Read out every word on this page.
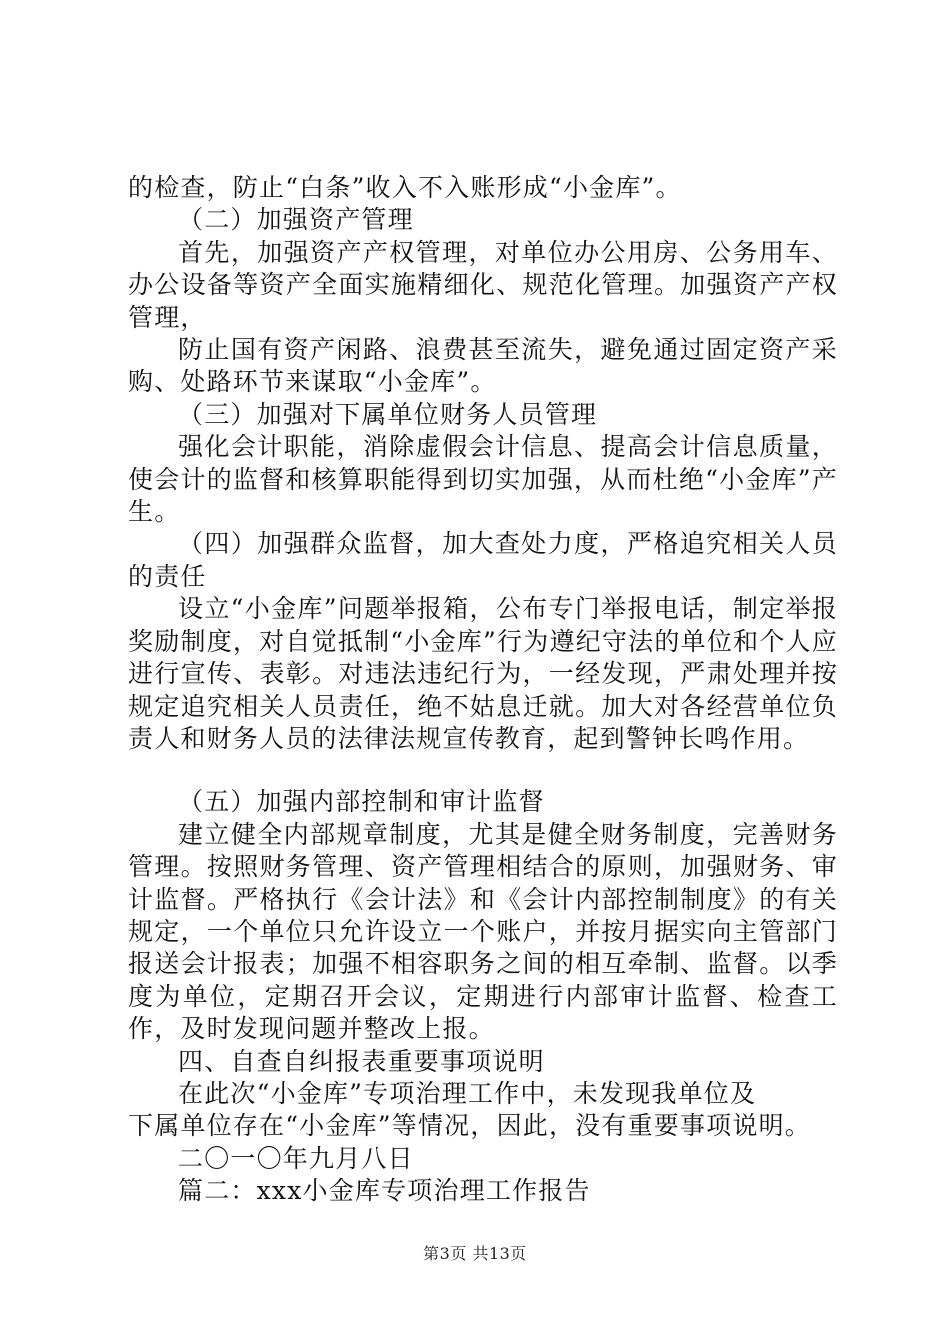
的检查，防止“白条”收入不入账形成“小金库”。

（二）加强资产管理

首先，加强资产产权管理，对单位办公用房、公务用车、办公设备等资产全面实施精细化、规范化管理。加强资产产权管理，

防止国有资产闲路、浪费甚至流失，避免通过固定资产采购、处路环节来谋取“小金库”。

（三）加强对下属单位财务人员管理

强化会计职能，消除虚假会计信息、提高会计信息质量，使会计的监督和核算职能得到切实加强，从而杜绝“小金库”产生。

（四）加强群众监督，加大查处力度，严格追究相关人员的责任

设立“小金库”问题举报箱，公布专门举报电话，制定举报奖励制度，对自觉抵制“小金库”行为遵纪守法的单位和个人应进行宣传、表彰。对违法违纪行为，一经发现，严肃处理并按规定追究相关人员责任，绝不姑息迁就。加大对各经营单位负责人和财务人员的法律法规宣传教育，起到警钟长鸣作用。

（五）加强内部控制和审计监督

建立健全内部规章制度，尤其是健全财务制度，完善财务管理。按照财务管理、资产管理相结合的原则，加强财务、审计监督。严格执行《会计法》和《会计内部控制制度》的有关规定，一个单位只允许设立一个账户，并按月据实向主管部门报送会计报表；加强不相容职务之间的相互牵制、监督。以季度为单位，定期召开会议，定期进行内部审计监督、检查工作，及时发现问题并整改上报。

四、自查自纠报表重要事项说明

在此次“小金库”专项治理工作中，未发现我单位及

下属单位存在“小金库”等情况，因此，没有重要事项说明。

二〇一〇年九月八日

篇二：xxx小金库专项治理工作报告

第3页 共13页
